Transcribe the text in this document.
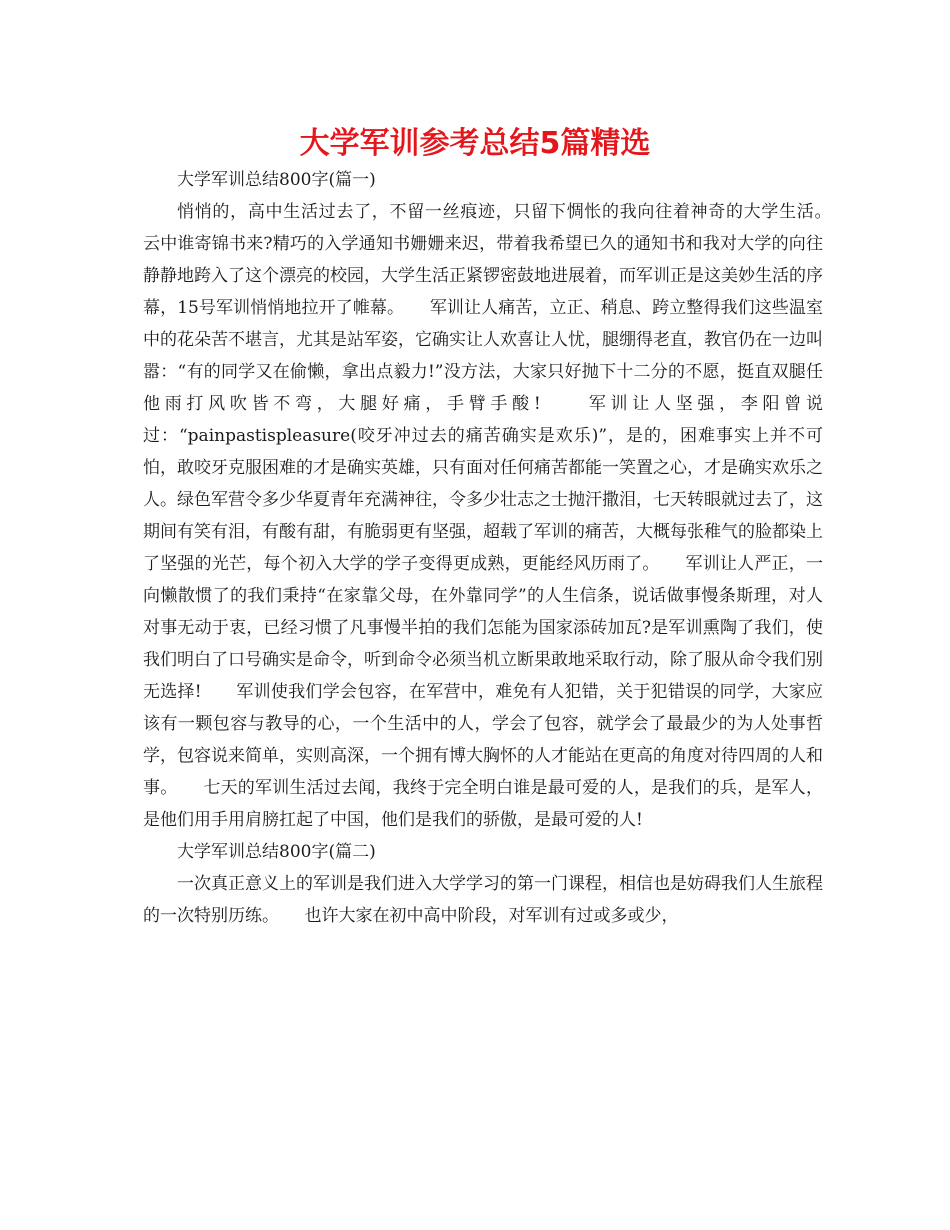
大学军训参考总结5篇精选

大学军训总结800字(篇一)

悄悄的，高中生活过去了，不留一丝痕迹，只留下惆怅的我向往着神奇的大学生活。　　云中谁寄锦书来?精巧的入学通知书姗姗来迟，带着我希望已久的通知书和我对大学的向往静静地跨入了这个漂亮的校园，大学生活正紧锣密鼓地进展着，而军训正是这美妙生活的序幕，15号军训悄悄地拉开了帷幕。　　军训让人痛苦，立正、稍息、跨立整得我们这些温室中的花朵苦不堪言，尤其是站军姿，它确实让人欢喜让人忧，腿绷得老直，教官仍在一边叫嚣：“有的同学又在偷懒，拿出点毅力!”没方法，大家只好抛下十二分的不愿，挺直双腿任他雨打风吹皆不弯，大腿好痛，手臂手酸!　　军训让人坚强，李阳曾说过：“painpastispleasure(咬牙冲过去的痛苦确实是欢乐)”，是的，困难事实上并不可怕，敢咬牙克服困难的才是确实英雄，只有面对任何痛苦都能一笑置之心，才是确实欢乐之人。绿色军营令多少华夏青年充满神往，令多少壮志之士抛汗撒泪，七天转眼就过去了，这期间有笑有泪，有酸有甜，有脆弱更有坚强，超载了军训的痛苦，大概每张稚气的脸都染上了坚强的光芒，每个初入大学的学子变得更成熟，更能经风历雨了。　　军训让人严正，一向懒散惯了的我们秉持“在家靠父母，在外靠同学”的人生信条，说话做事慢条斯理，对人对事无动于衷，已经习惯了凡事慢半拍的我们怎能为国家添砖加瓦?是军训熏陶了我们，使我们明白了口号确实是命令，听到命令必须当机立断果敢地采取行动，除了服从命令我们别无选择!　　军训使我们学会包容，在军营中，难免有人犯错，关于犯错误的同学，大家应该有一颗包容与教导的心，一个生活中的人，学会了包容，就学会了最最少的为人处事哲学，包容说来简单，实则高深，一个拥有博大胸怀的人才能站在更高的角度对待四周的人和事。　　七天的军训生活过去闻，我终于完全明白谁是最可爱的人，是我们的兵，是军人，是他们用手用肩膀扛起了中国，他们是我们的骄傲，是最可爱的人!

大学军训总结800字(篇二)

一次真正意义上的军训是我们进入大学学习的第一门课程，相信也是妨碍我们人生旅程的一次特别历练。　　也许大家在初中高中阶段，对军训有过或多或少，
